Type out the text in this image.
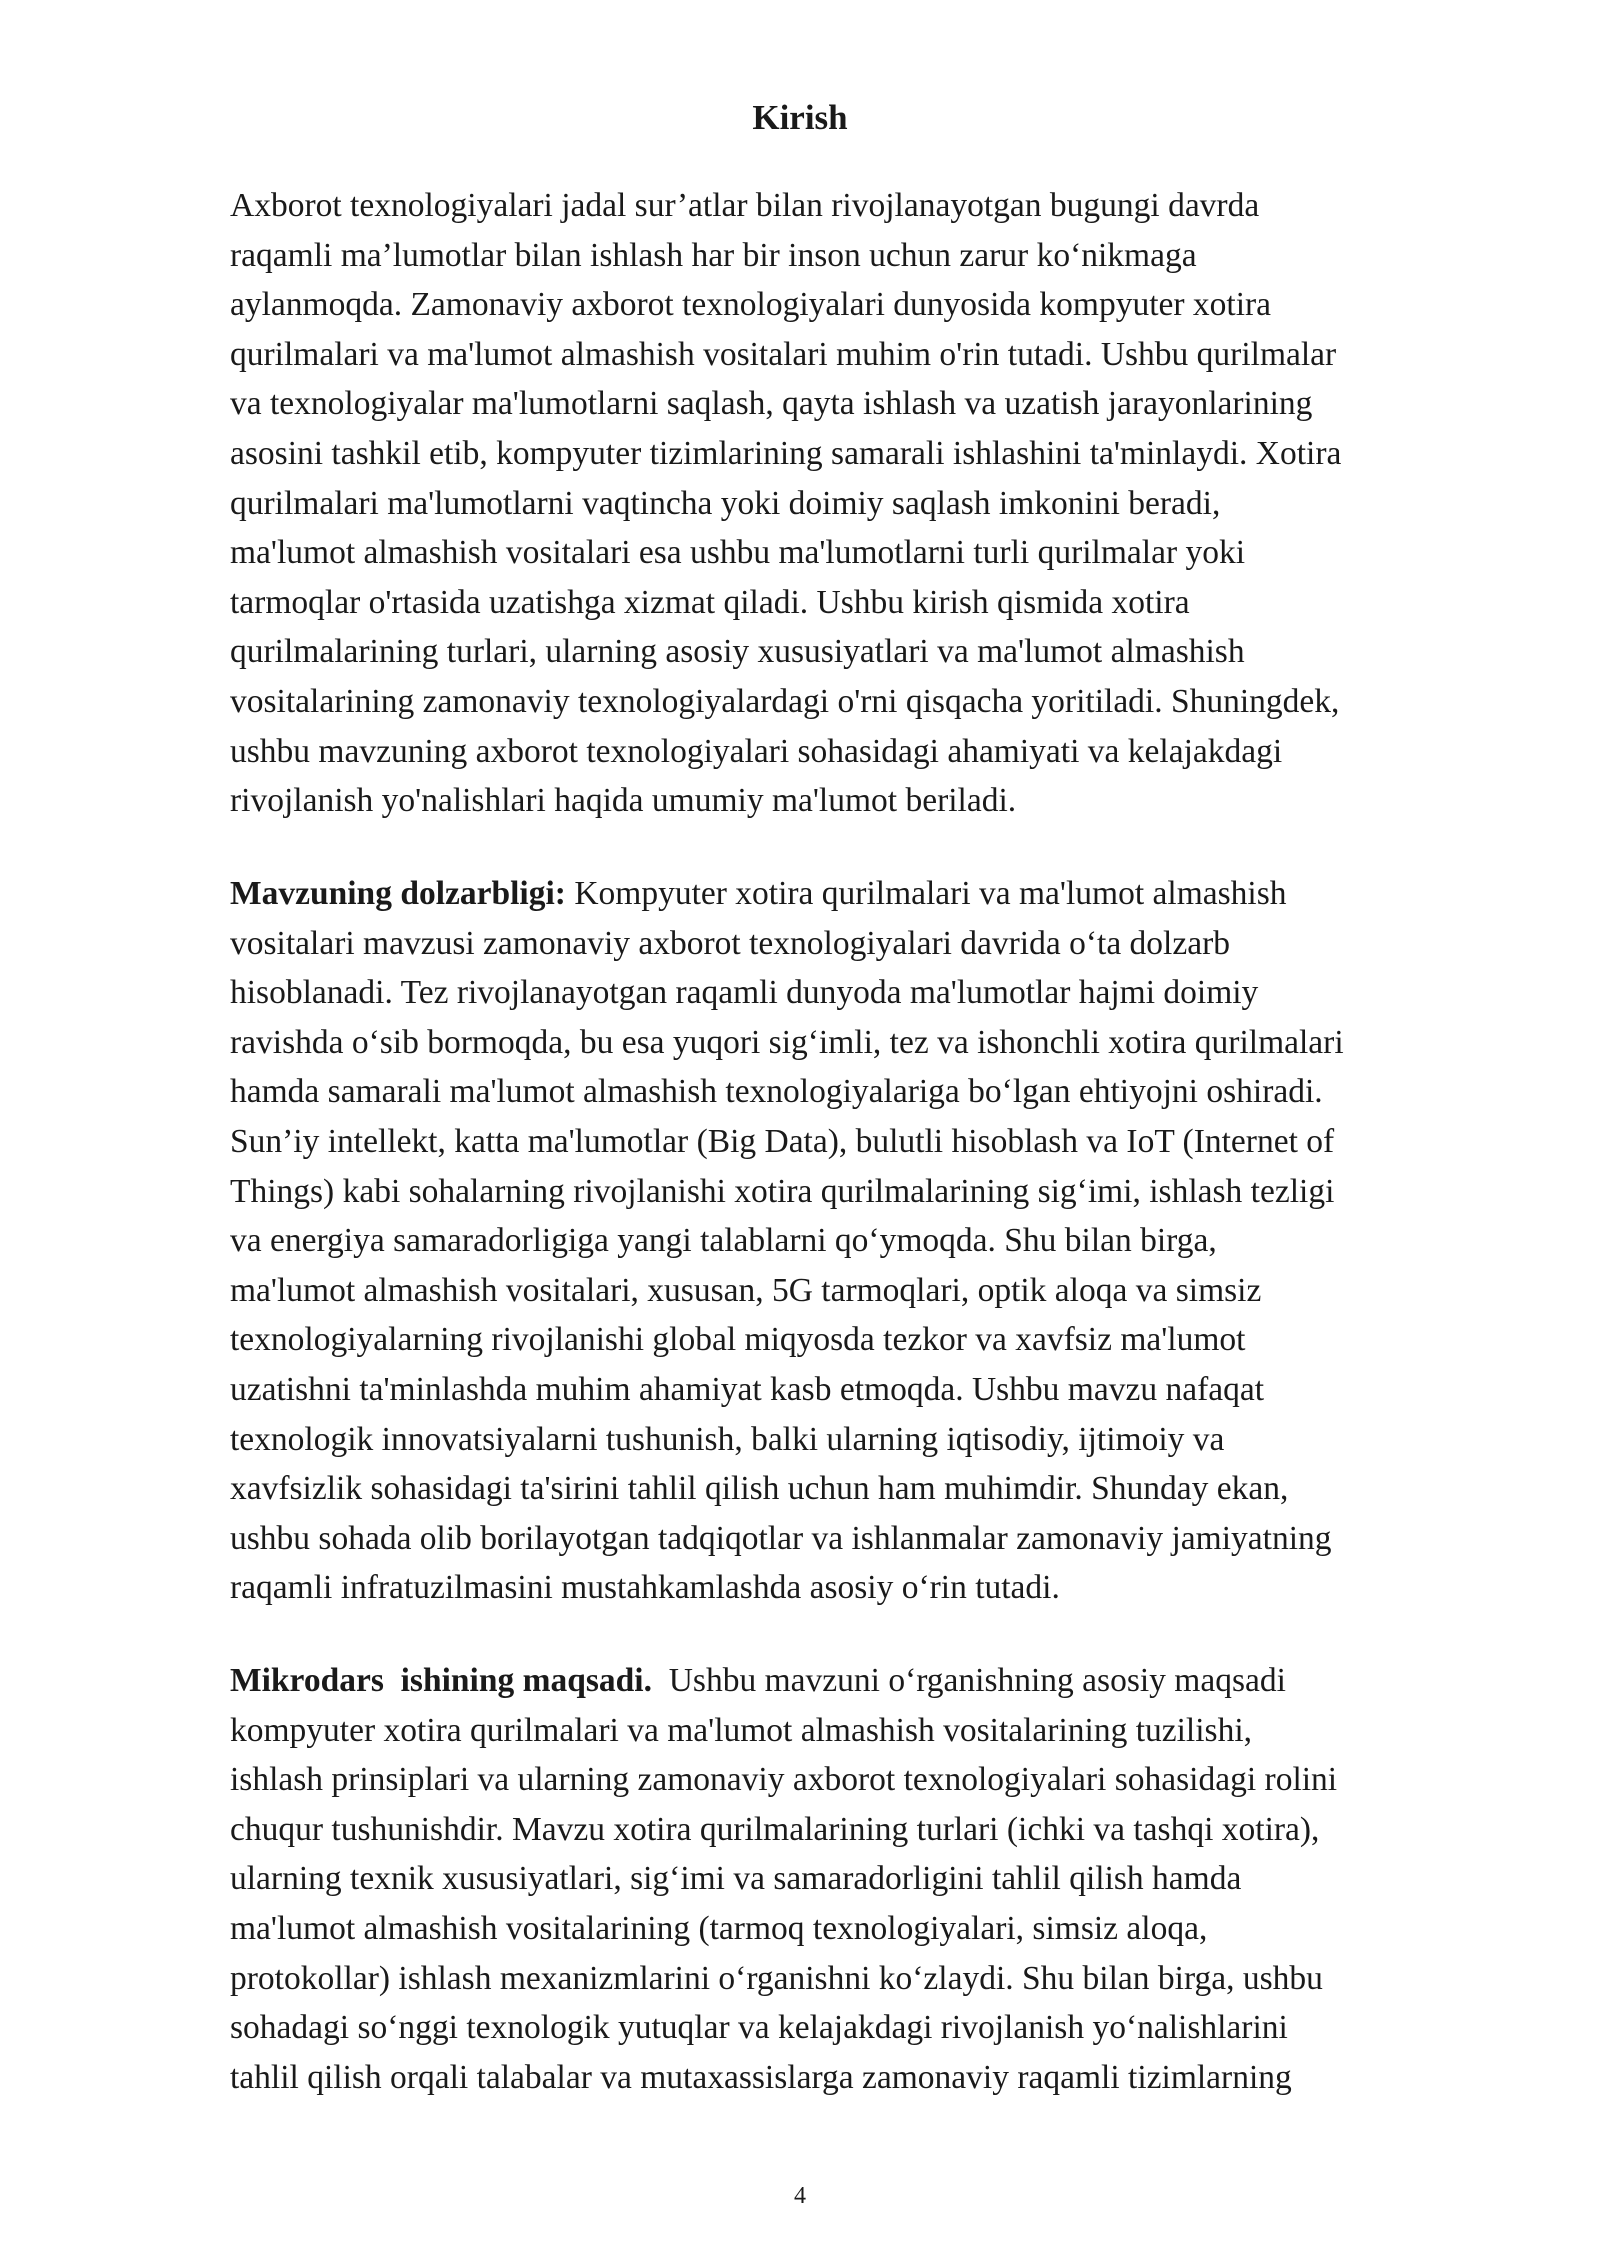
Kirish

Axborot texnologiyalari jadal sur’atlar bilan rivojlanayotgan bugungi davrda
raqamli ma’lumotlar bilan ishlash har bir inson uchun zarur koʻnikmaga
aylanmoqda. Zamonaviy axborot texnologiyalari dunyosida kompyuter xotira
qurilmalari va ma'lumot almashish vositalari muhim o'rin tutadi. Ushbu qurilmalar
va texnologiyalar ma'lumotlarni saqlash, qayta ishlash va uzatish jarayonlarining
asosini tashkil etib, kompyuter tizimlarining samarali ishlashini ta'minlaydi. Xotira
qurilmalari ma'lumotlarni vaqtincha yoki doimiy saqlash imkonini beradi,
ma'lumot almashish vositalari esa ushbu ma'lumotlarni turli qurilmalar yoki
tarmoqlar o'rtasida uzatishga xizmat qiladi. Ushbu kirish qismida xotira
qurilmalarining turlari, ularning asosiy xususiyatlari va ma'lumot almashish
vositalarining zamonaviy texnologiyalardagi o'rni qisqacha yoritiladi. Shuningdek,
ushbu mavzuning axborot texnologiyalari sohasidagi ahamiyati va kelajakdagi
rivojlanish yo'nalishlari haqida umumiy ma'lumot beriladi.

Mavzuning dolzarbligi: Kompyuter xotira qurilmalari va ma'lumot almashish
vositalari mavzusi zamonaviy axborot texnologiyalari davrida oʻta dolzarb
hisoblanadi. Tez rivojlanayotgan raqamli dunyoda ma'lumotlar hajmi doimiy
ravishda oʻsib bormoqda, bu esa yuqori sigʻimli, tez va ishonchli xotira qurilmalari
hamda samarali ma'lumot almashish texnologiyalariga boʻlgan ehtiyojni oshiradi.
Sun’iy intellekt, katta ma'lumotlar (Big Data), bulutli hisoblash va IoT (Internet of
Things) kabi sohalarning rivojlanishi xotira qurilmalarining sigʻimi, ishlash tezligi
va energiya samaradorligiga yangi talablarni qoʻymoqda. Shu bilan birga,
ma'lumot almashish vositalari, xususan, 5G tarmoqlari, optik aloqa va simsiz
texnologiyalarning rivojlanishi global miqyosda tezkor va xavfsiz ma'lumot
uzatishni ta'minlashda muhim ahamiyat kasb etmoqda. Ushbu mavzu nafaqat
texnologik innovatsiyalarni tushunish, balki ularning iqtisodiy, ijtimoiy va
xavfsizlik sohasidagi ta'sirini tahlil qilish uchun ham muhimdir. Shunday ekan,
ushbu sohada olib borilayotgan tadqiqotlar va ishlanmalar zamonaviy jamiyatning
raqamli infratuzilmasini mustahkamlashda asosiy oʻrin tutadi.

Mikrodars  ishining maqsadi.  Ushbu mavzuni oʻrganishning asosiy maqsadi
kompyuter xotira qurilmalari va ma'lumot almashish vositalarining tuzilishi,
ishlash prinsiplari va ularning zamonaviy axborot texnologiyalari sohasidagi rolini
chuqur tushunishdir. Mavzu xotira qurilmalarining turlari (ichki va tashqi xotira),
ularning texnik xususiyatlari, sigʻimi va samaradorligini tahlil qilish hamda
ma'lumot almashish vositalarining (tarmoq texnologiyalari, simsiz aloqa,
protokollar) ishlash mexanizmlarini oʻrganishni koʻzlaydi. Shu bilan birga, ushbu
sohadagi soʻnggi texnologik yutuqlar va kelajakdagi rivojlanish yoʻnalishlarini
tahlil qilish orqali talabalar va mutaxassislarga zamonaviy raqamli tizimlarning

4
